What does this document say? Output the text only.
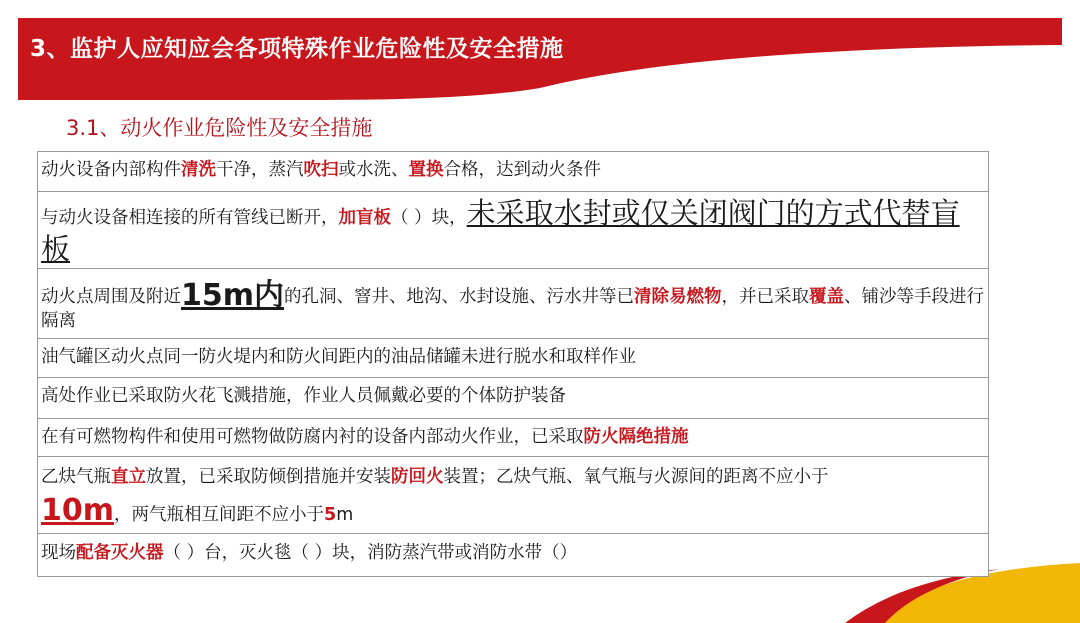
3、监护人应知应会各项特殊作业危险性及安全措施
3.1、动火作业危险性及安全措施
动火设备内部构件清洗干净，蒸汽吹扫或水洗、置换合格，达到动火条件
与动火设备相连接的所有管线已断开，加盲板（ ）块，未采取水封或仅关闭阀门的方式代替盲板
动火点周围及附近15m内的孔洞、窨井、地沟、水封设施、污水井等已清除易燃物，并已采取覆盖、铺沙等手段进行隔离
油气罐区动火点同一防火堤内和防火间距内的油品储罐未进行脱水和取样作业
高处作业已采取防火花飞溅措施，作业人员佩戴必要的个体防护装备
在有可燃物构件和使用可燃物做防腐内衬的设备内部动火作业，已采取防火隔绝措施
乙炔气瓶直立放置，已采取防倾倒措施并安装防回火装置；乙炔气瓶、氧气瓶与火源间的距离不应小于
10m，两气瓶相互间距不应小于5m
现场配备灭火器（ ）台，灭火毯（ ）块，消防蒸汽带或消防水带（）
